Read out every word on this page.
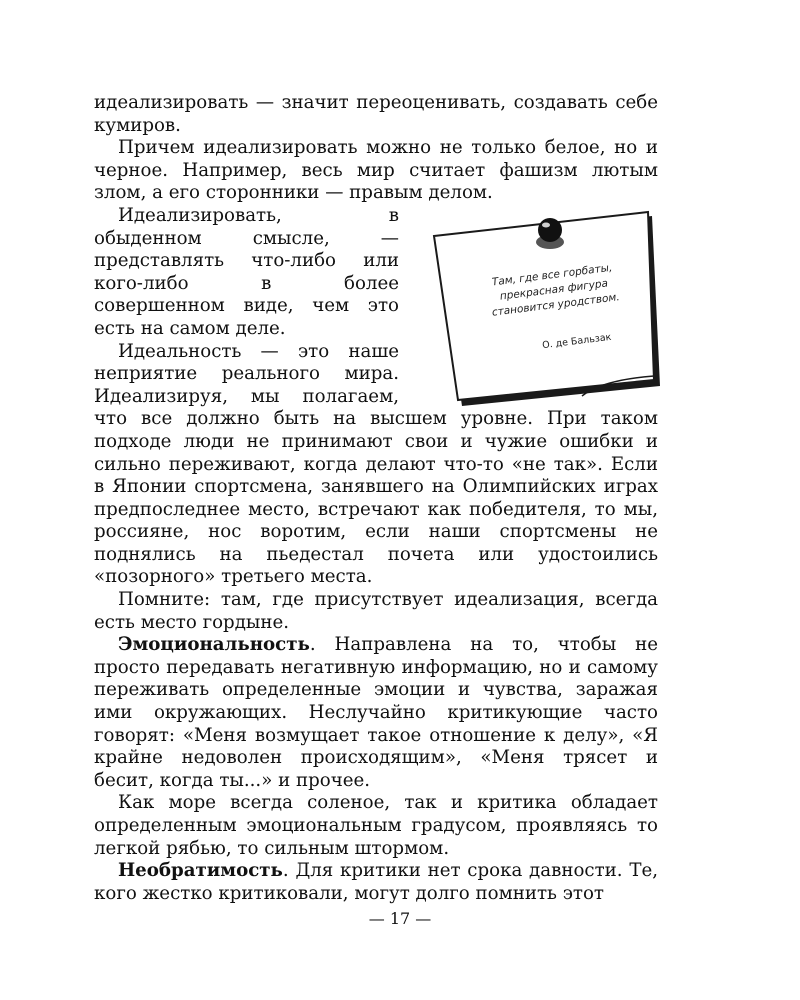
идеализировать — значит переоценивать, создавать себе кумиров.

Причем идеализировать можно не только белое, но и черное. Например, весь мир считает фашизм лютым злом, а его сторонники — правым делом.

Идеализировать, в обыденном смысле, — представлять что-либо или кого-либо в более совершенном виде, чем это есть на самом деле.

Идеальность — это наше неприятие реального мира. Идеализируя, мы полагаем, что все должно быть на высшем уровне. При таком подходе люди не принимают свои и чужие ошибки и сильно переживают, когда делают что-то «не так». Если в Японии спортсмена, занявшего на Олимпийских играх предпоследнее место, встречают как победителя, то мы, россияне, нос воротим, если наши спортсмены не поднялись на пьедестал почета или удостоились «позорного» третьего места.

Помните: там, где присутствует идеализация, всегда есть место гордыне.

Эмоциональность. Направлена на то, чтобы не просто передавать негативную информацию, но и самому переживать определенные эмоции и чувства, заражая ими окружающих. Неслучайно критикующие часто говорят: «Меня возмущает такое отношение к делу», «Я крайне недоволен происходящим», «Меня трясет и бесит, когда ты...» и прочее.

Как море всегда соленое, так и критика обладает определенным эмоциональным градусом, проявляясь то легкой рябью, то сильным штормом.

Необратимость. Для критики нет срока давности. Те, кого жестко критиковали, могут долго помнить этот

Там, где все горбаты, прекрасная фигура становится уродством.
О. де Бальзак
— 17 —
